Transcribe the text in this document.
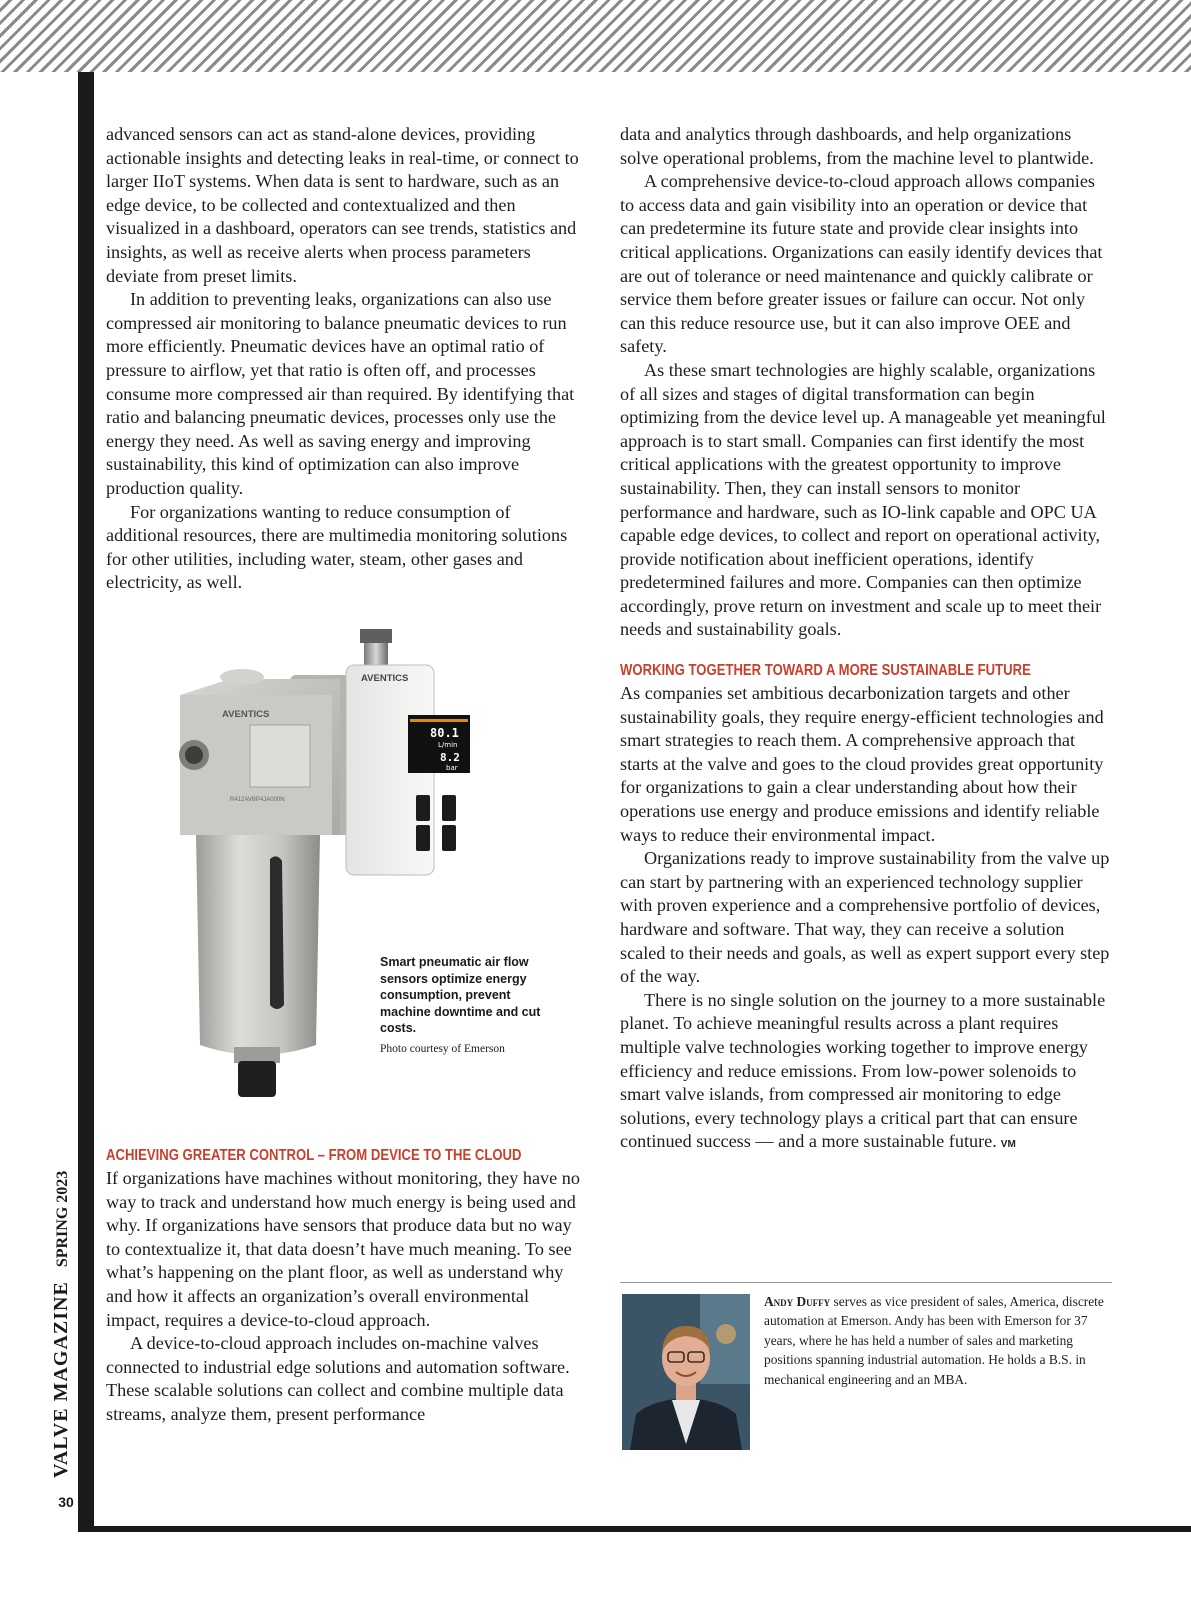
30
VALVE MAGAZINESPRING 2023

advanced sensors can act as stand-alone devices, providing actionable insights and detecting leaks in real-time, or connect to larger IIoT systems. When data is sent to hardware, such as an edge device, to be collected and contextualized and then visualized in a dashboard, operators can see trends, statistics and insights, as well as receive alerts when process parameters deviate from preset limits.

In addition to preventing leaks, organizations can also use compressed air monitoring to balance pneumatic devices to run more efficiently. Pneumatic devices have an optimal ratio of pressure to airflow, yet that ratio is often off, and processes consume more compressed air than required. By identifying that ratio and balancing pneumatic devices, processes only use the energy they need. As well as saving energy and improving sustainability, this kind of optimization can also improve production quality.

For organizations wanting to reduce consumption of additional resources, there are multimedia monitoring solutions for other utilities, including water, steam, other gases and electricity, as well.

AVENTICS
R412AVBP4JA000N
AVENTICS
80.1
L/min
8.2
bar
Smart pneumatic air flow sensors optimize energy consumption, prevent machine downtime and cut costs.
Photo courtesy of Emerson
ACHIEVING GREATER CONTROL – FROM DEVICE TO THE CLOUD

If organizations have machines without monitoring, they have no way to track and understand how much energy is being used and why. If organizations have sensors that produce data but no way to contextualize it, that data doesn’t have much meaning. To see what’s happening on the plant floor, as well as understand why and how it affects an organization’s overall environmental impact, requires a device-to-cloud approach.

A device-to-cloud approach includes on-machine valves connected to industrial edge solutions and automation software. These scalable solutions can collect and combine multiple data streams, analyze them, present performance

data and analytics through dashboards, and help organizations solve operational problems, from the machine level to plantwide.

A comprehensive device-to-cloud approach allows companies to access data and gain visibility into an operation or device that can predetermine its future state and provide clear insights into critical applications. Organizations can easily identify devices that are out of tolerance or need maintenance and quickly calibrate or service them before greater issues or failure can occur. Not only can this reduce resource use, but it can also improve OEE and safety.

As these smart technologies are highly scalable, organizations of all sizes and stages of digital transformation can begin optimizing from the device level up. A manageable yet meaningful approach is to start small. Companies can first identify the most critical applications with the greatest opportunity to improve sustainability. Then, they can install sensors to monitor performance and hardware, such as IO-link capable and OPC UA capable edge devices, to collect and report on operational activity, provide notification about inefficient operations, identify predetermined failures and more. Companies can then optimize accordingly, prove return on investment and scale up to meet their needs and sustainability goals.

WORKING TOGETHER TOWARD A MORE SUSTAINABLE FUTURE

As companies set ambitious decarbonization targets and other sustainability goals, they require energy-efficient technologies and smart strategies to reach them. A comprehensive approach that starts at the valve and goes to the cloud provides great opportunity for organizations to gain a clear understanding about how their operations use energy and produce emissions and identify reliable ways to reduce their environmental impact.

Organizations ready to improve sustainability from the valve up can start by partnering with an experienced technology supplier with proven experience and a comprehensive portfolio of devices, hardware and software. That way, they can receive a solution scaled to their needs and goals, as well as expert support every step of the way.

There is no single solution on the journey to a more sustainable planet. To achieve meaningful results across a plant requires multiple valve technologies working together to improve energy efficiency and reduce emissions. From low-power solenoids to smart valve islands, from compressed air monitoring to edge solutions, every technology plays a critical part that can ensure continued success — and a more sustainable future. VM

Andy Duffy serves as vice president of sales, America, discrete automation at Emerson. Andy has been with Emerson for 37 years, where he has held a number of sales and marketing positions spanning industrial automation. He holds a B.S. in mechanical engineering and an MBA.
